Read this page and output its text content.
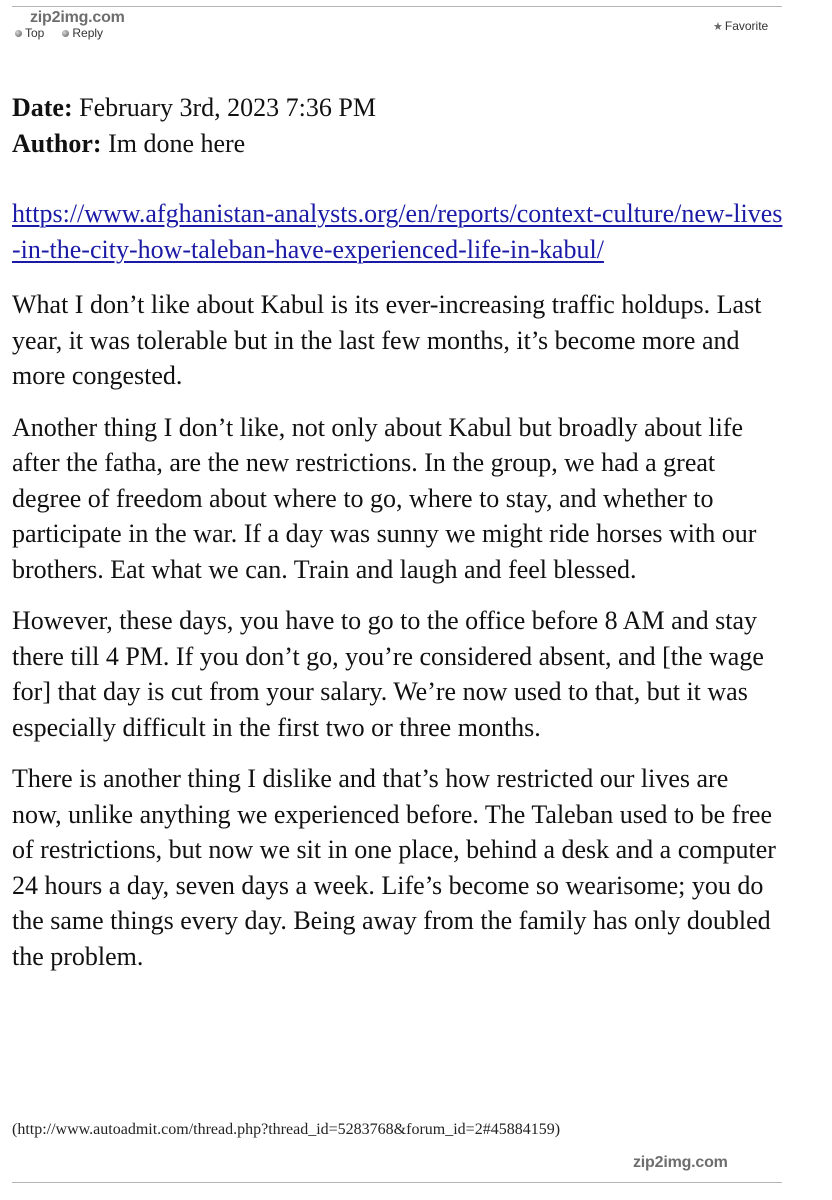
zip2img.com
Top Reply	★ Favorite

Date: February 3rd, 2023 7:36 PM

Author: Im done here

https://www.afghanistan-analysts.org/en/reports/context-culture/new-lives-in-the-city-how-taleban-have-experienced-life-in-kabul/

What I don’t like about Kabul is its ever-increasing traffic holdups. Last year, it was tolerable but in the last few months, it’s become more and more congested.

Another thing I don’t like, not only about Kabul but broadly about life after the fatha, are the new restrictions. In the group, we had a great degree of freedom about where to go, where to stay, and whether to participate in the war. If a day was sunny we might ride horses with our brothers. Eat what we can. Train and laugh and feel blessed.

However, these days, you have to go to the office before 8 AM and stay there till 4 PM. If you don’t go, you’re considered absent, and [the wage for] that day is cut from your salary. We’re now used to that, but it was especially difficult in the first two or three months.

There is another thing I dislike and that’s how restricted our lives are now, unlike anything we experienced before. The Taleban used to be free of restrictions, but now we sit in one place, behind a desk and a computer 24 hours a day, seven days a week. Life’s become so wearisome; you do the same things every day. Being away from the family has only doubled the problem.

(http://www.autoadmit.com/thread.php?thread_id=5283768&forum_id=2#45884159)
zip2img.com
